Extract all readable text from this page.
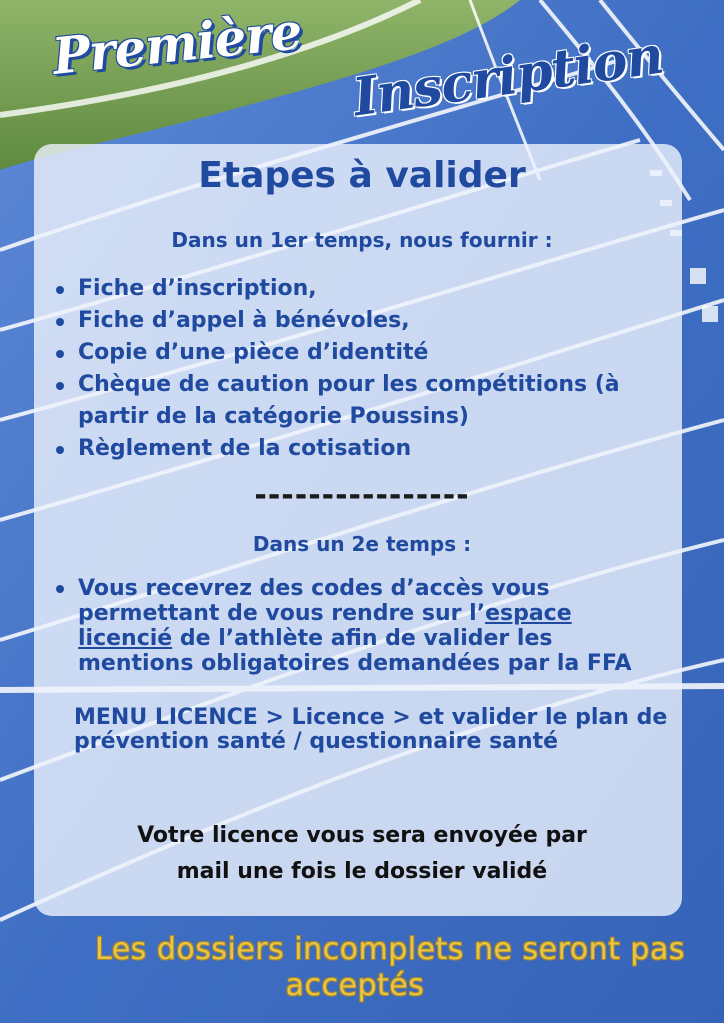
Première Inscription
Etapes à valider

Dans un 1er temps, nous fournir :

Fiche d’inscription,
Fiche d’appel à bénévoles,
Copie d’une pièce d’identité
Chèque de caution pour les compétitions (à partir de la catégorie Poussins)
Règlement de la cotisation
----------------

Dans un 2e temps :

Vous recevrez des codes d’accès vous permettant de vous rendre sur l’espace licencié de l’athlète afin de valider les mentions obligatoires demandées par la FFA
MENU LICENCE > Licence > et valider le plan de prévention santé / questionnaire santé
Votre licence vous sera envoyée par
mail une fois le dossier validé
Les dossiers incomplets ne seront pas
acceptés
